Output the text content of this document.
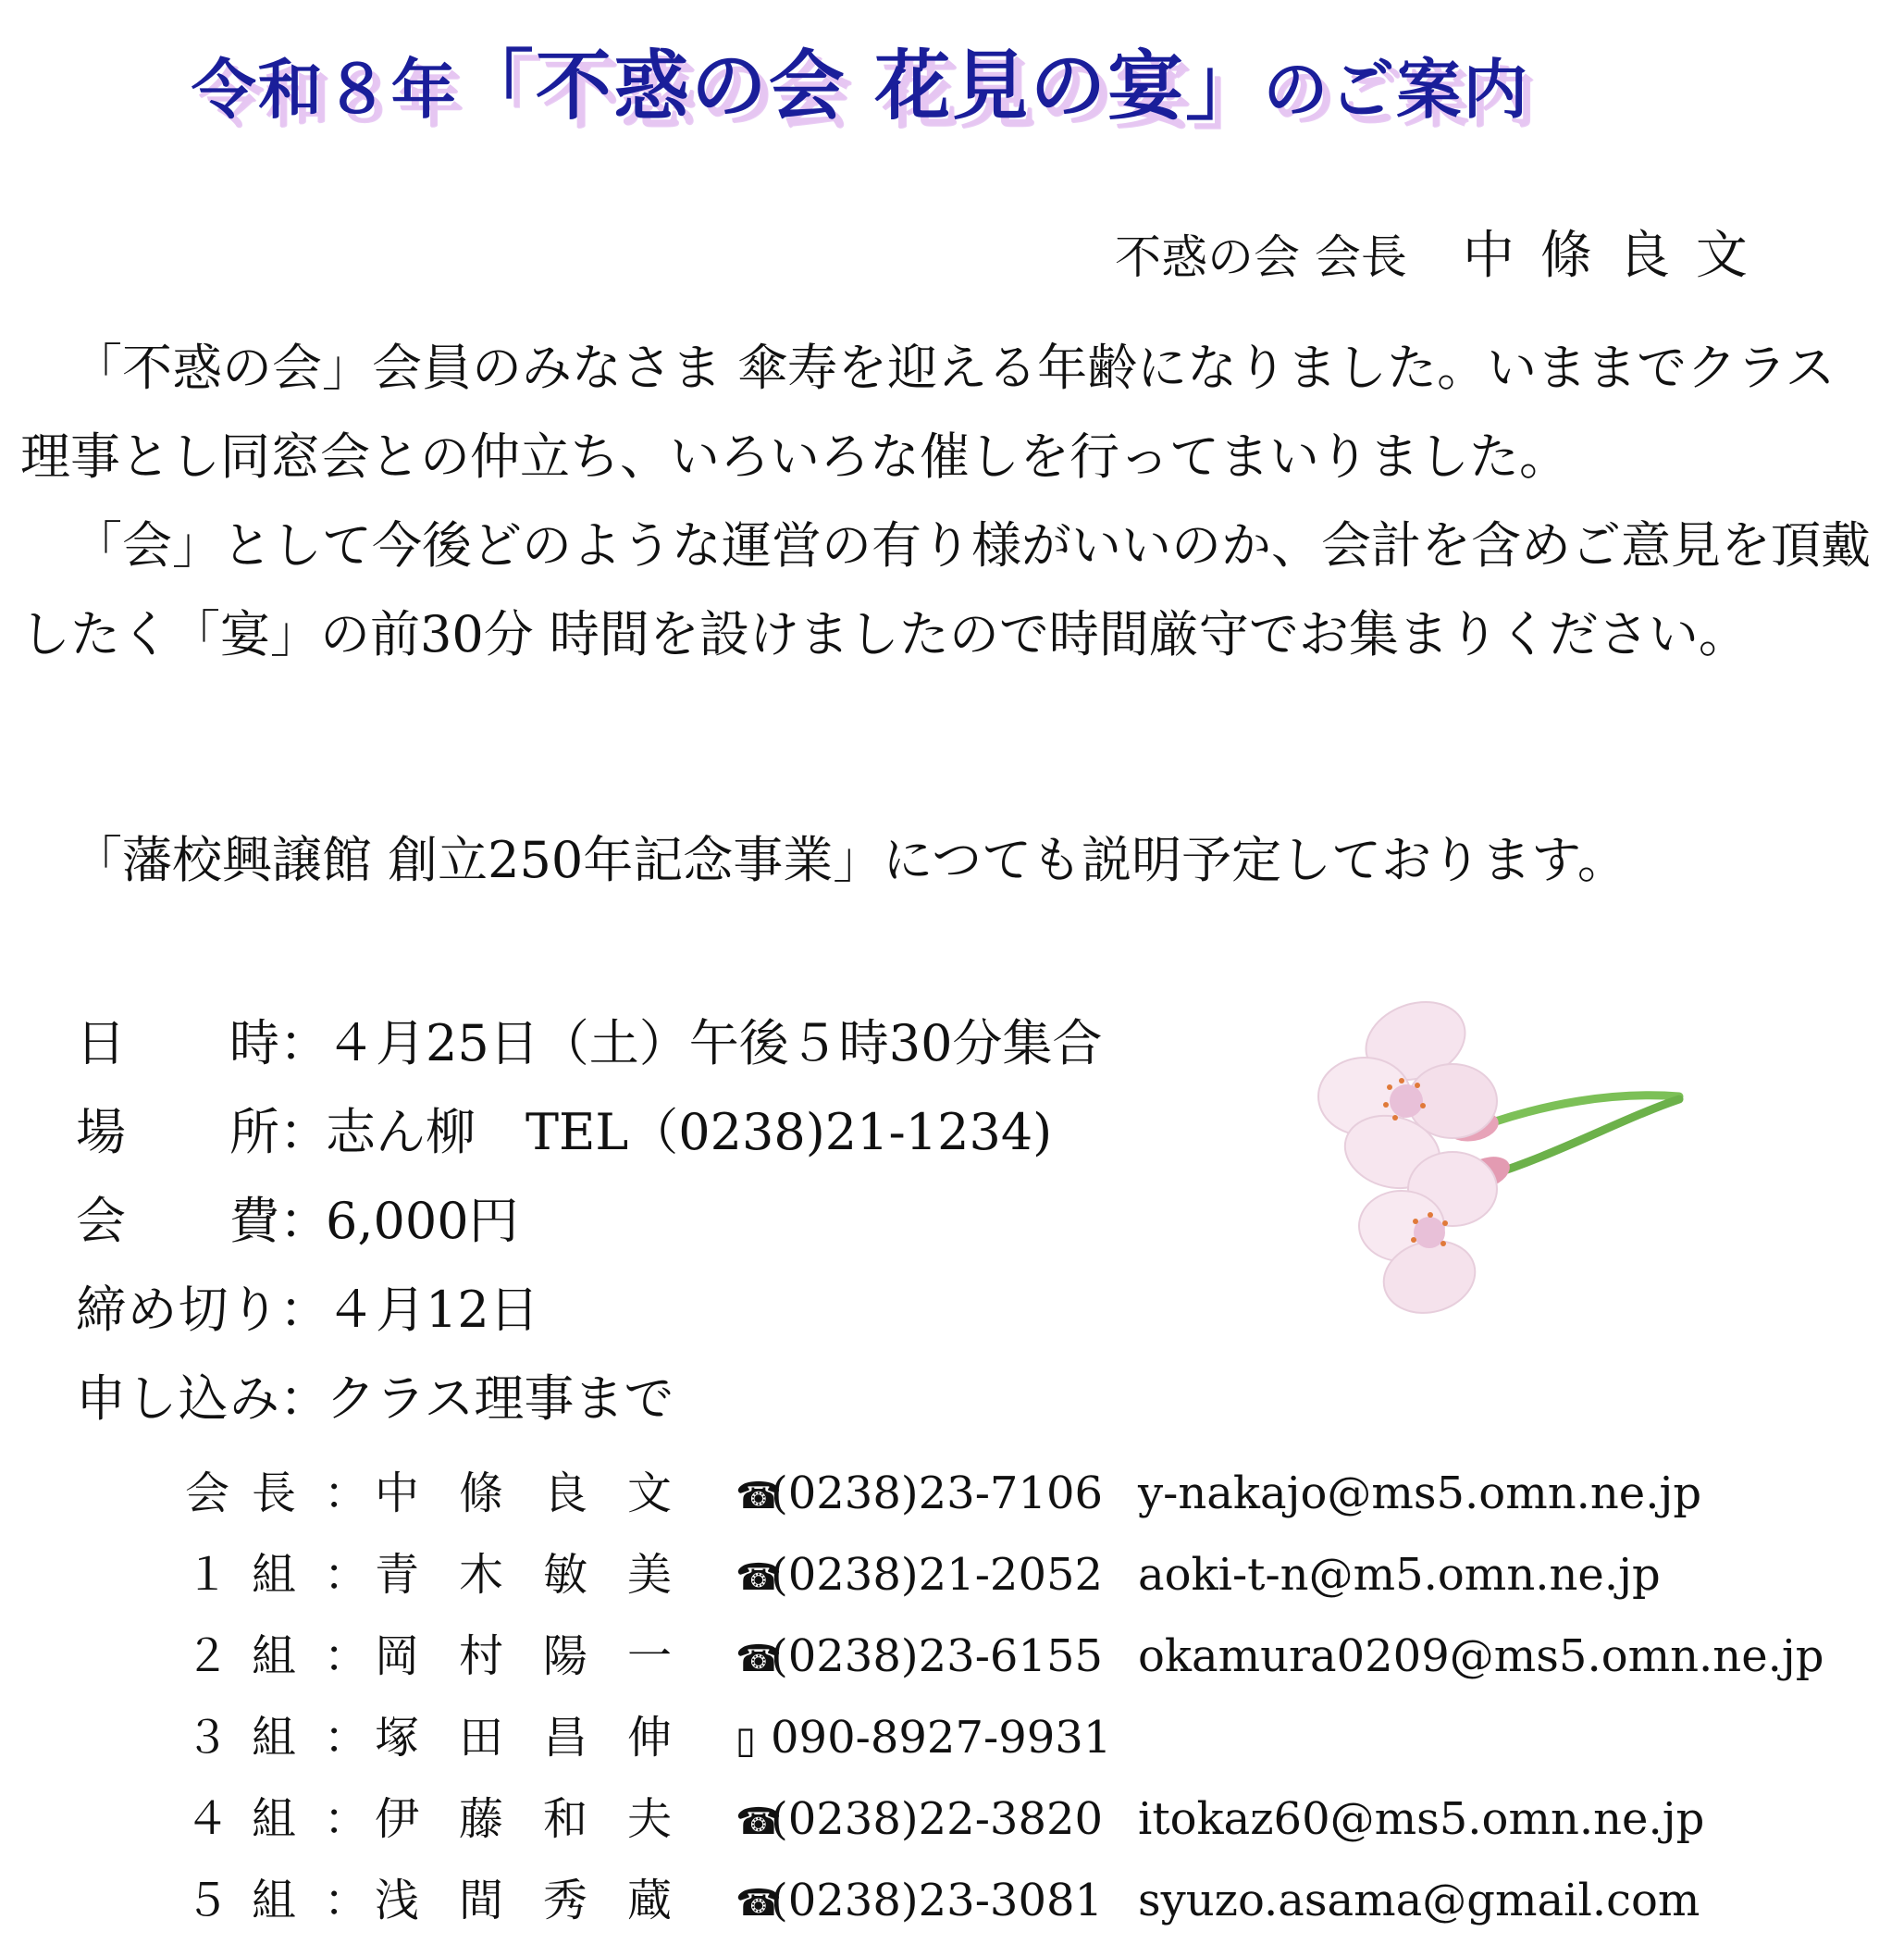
令和８年「不惑の会 花見の宴」のご案内
不惑の会 会長 中條良文

「不惑の会」会員のみなさま 傘寿を迎える年齢になりました。いままでクラス理事とし同窓会との仲立ち、いろいろな催しを行ってまいりました。

「会」として今後どのような運営の有り様がいいのか、会計を含めご意見を頂戴したく「宴」の前30分 時間を設けましたので時間厳守でお集まりください。

「藩校興譲館 創立250年記念事業」につても説明予定しております。

日時：４月25日（土）午後５時30分集合
場所：志ん柳　TEL（0238)21-1234)
会費：6,000円
締め切り：４月12日
申し込み：クラス理事まで
会長 ： 中條良文 ☎(0238)23-7106 y-nakajo@ms5.omn.ne.jp
１組 ： 青木敏美 ☎(0238)21-2052 aoki-t-n@m5.omn.ne.jp
２組 ： 岡村陽一 ☎(0238)23-6155 okamura0209@ms5.omn.ne.jp
３組 ： 塚田昌伸 ▯ 090-8927-9931
４組 ： 伊藤和夫 ☎(0238)22-3820 itokaz60@ms5.omn.ne.jp
５組 ： 浅間秀蔵 ☎(0238)23-3081 syuzo.asama@gmail.com
